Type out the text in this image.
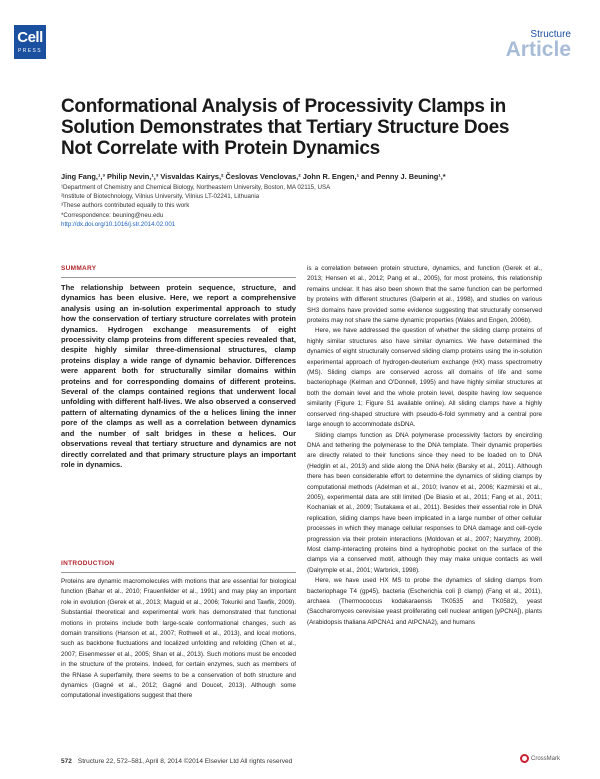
Cell
PRESS
Structure
Article
Conformational Analysis of Processivity Clamps in Solution Demonstrates that Tertiary Structure Does Not Correlate with Protein Dynamics
Jing Fang,¹,³ Philip Nevin,¹,³ Visvaldas Kairys,² Česlovas Venclovas,² John R. Engen,¹ and Penny J. Beuning¹,*
¹Department of Chemistry and Chemical Biology, Northeastern University, Boston, MA 02115, USA
²Institute of Biotechnology, Vilnius University, Vilnius LT-02241, Lithuania
³These authors contributed equally to this work
*Correspondence: beuning@neu.edu
http://dx.doi.org/10.1016/j.str.2014.02.001
SUMMARY
The relationship between protein sequence, structure, and dynamics has been elusive. Here, we report a comprehensive analysis using an in-solution experimental approach to study how the conservation of tertiary structure correlates with protein dynamics. Hydrogen exchange measurements of eight processivity clamp proteins from different species revealed that, despite highly similar three-dimensional structures, clamp proteins display a wide range of dynamic behavior. Differences were apparent both for structurally similar domains within proteins and for corresponding domains of different proteins. Several of the clamps contained regions that underwent local unfolding with different half-lives. We also observed a conserved pattern of alternating dynamics of the α helices lining the inner pore of the clamps as well as a correlation between dynamics and the number of salt bridges in these α helices. Our observations reveal that tertiary structure and dynamics are not directly correlated and that primary structure plays an important role in dynamics.
INTRODUCTION

Proteins are dynamic macromolecules with motions that are essential for biological function (Bahar et al., 2010; Frauenfelder et al., 1991) and may play an important role in evolution (Gerek et al., 2013; Maguid et al., 2006; Tokuriki and Tawfik, 2009). Substantial theoretical and experimental work has demonstrated that functional motions in proteins include both large-scale conformational changes, such as domain transitions (Hanson et al., 2007; Rothwell et al., 2013), and local motions, such as backbone fluctuations and localized unfolding and refolding (Chen et al., 2007; Eisenmesser et al., 2005; Shan et al., 2013). Such motions must be encoded in the structure of the proteins. Indeed, for certain enzymes, such as members of the RNase A superfamily, there seems to be a conservation of both structure and dynamics (Gagné et al., 2012; Gagné and Doucet, 2013). Although some computational investigations suggest that there

is a correlation between protein structure, dynamics, and function (Gerek et al., 2013; Hensen et al., 2012; Pang et al., 2005), for most proteins, this relationship remains unclear. It has also been shown that the same function can be performed by proteins with different structures (Galperin et al., 1998), and studies on various SH3 domains have provided some evidence suggesting that structurally conserved proteins may not share the same dynamic properties (Wales and Engen, 2006b).

Here, we have addressed the question of whether the sliding clamp proteins of highly similar structures also have similar dynamics. We have determined the dynamics of eight structurally conserved sliding clamp proteins using the in-solution experimental approach of hydrogen-deuterium exchange (HX) mass spectrometry (MS). Sliding clamps are conserved across all domains of life and some bacteriophage (Kelman and O'Donnell, 1995) and have highly similar structures at both the domain level and the whole protein level, despite having low sequence similarity (Figure 1; Figure S1 available online). All sliding clamps have a highly conserved ring-shaped structure with pseudo-6-fold symmetry and a central pore large enough to accommodate dsDNA.

Sliding clamps function as DNA polymerase processivity factors by encircling DNA and tethering the polymerase to the DNA template. Their dynamic properties are directly related to their functions since they need to be loaded on to DNA (Hedglin et al., 2013) and slide along the DNA helix (Barsky et al., 2011). Although there has been considerable effort to determine the dynamics of sliding clamps by computational methods (Adelman et al., 2010; Ivanov et al., 2006; Kazmirski et al., 2005), experimental data are still limited (De Biasio et al., 2011; Fang et al., 2011; Kochaniak et al., 2009; Tsutakawa et al., 2011). Besides their essential role in DNA replication, sliding clamps have been implicated in a large number of other cellular processes in which they manage cellular responses to DNA damage and cell-cycle progression via their protein interactions (Moldovan et al., 2007; Naryzhny, 2008). Most clamp-interacting proteins bind a hydrophobic pocket on the surface of the clamps via a conserved motif, although they may make unique contacts as well (Dalrymple et al., 2001; Warbrick, 1998).

Here, we have used HX MS to probe the dynamics of sliding clamps from bacteriophage T4 (gp45), bacteria (Escherichia coli β clamp) (Fang et al., 2011), archaea (Thermococcus kodakaraensis TK0535 and TK0582), yeast (Saccharomyces cerevisiae yeast proliferating cell nuclear antigen [yPCNA]), plants (Arabidopsis thaliana AtPCNA1 and AtPCNA2), and humans

572 Structure 22, 572–581, April 8, 2014 ©2014 Elsevier Ltd All rights reserved	CrossMark
